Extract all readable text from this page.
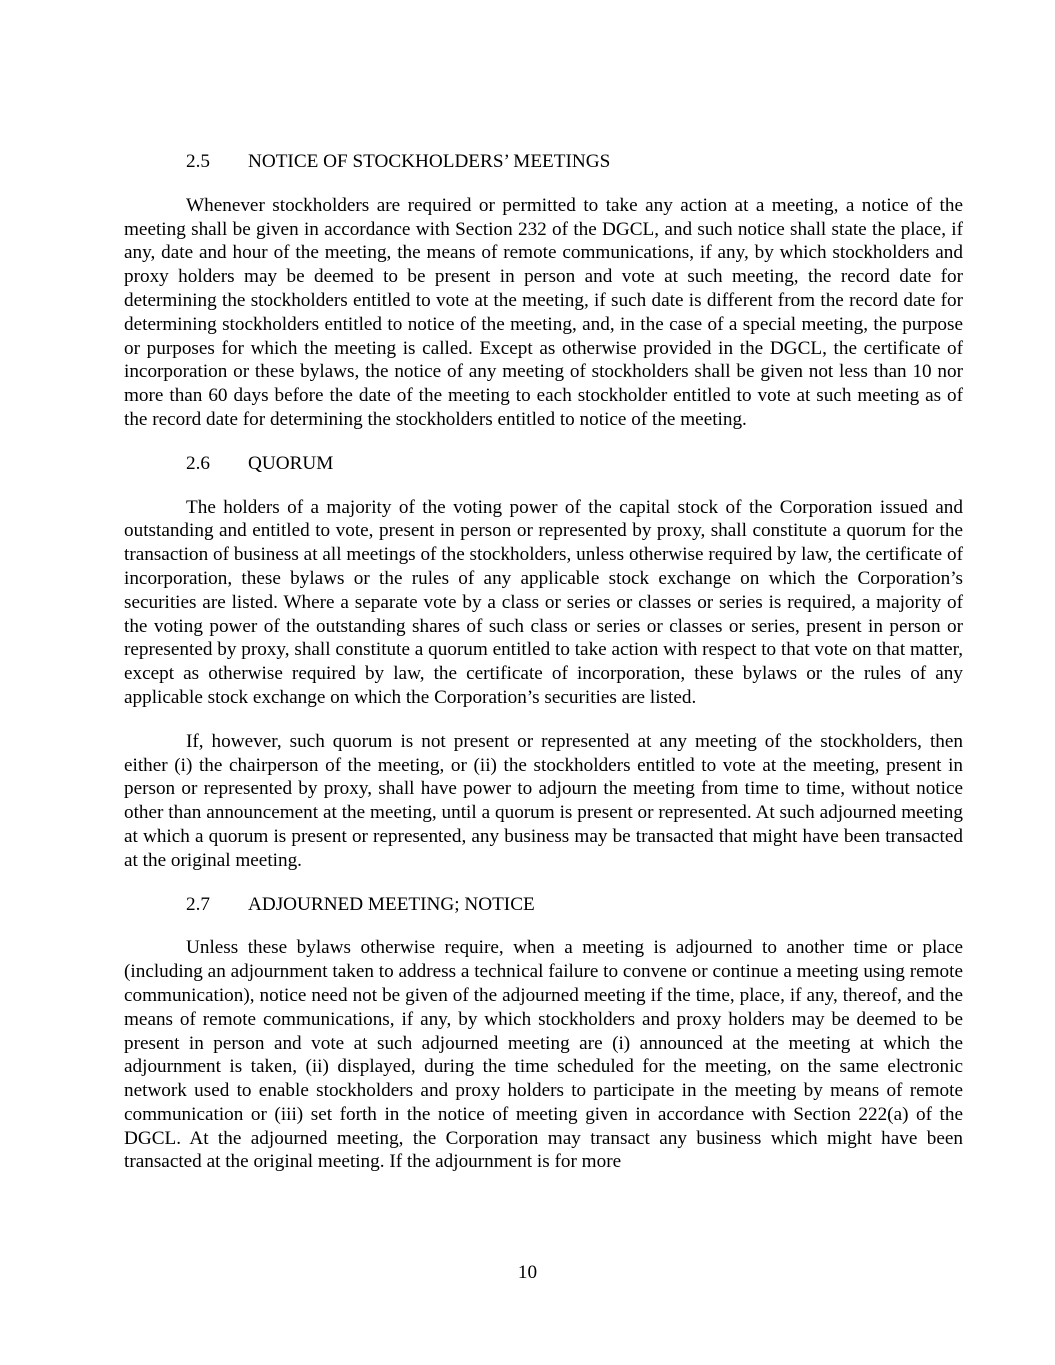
2.5 NOTICE OF STOCKHOLDERS’ MEETINGS

Whenever stockholders are required or permitted to take any action at a meeting, a notice of the meeting shall be given in accordance with Section 232 of the DGCL, and such notice shall state the place, if any, date and hour of the meeting, the means of remote communications, if any, by which stockholders and proxy holders may be deemed to be present in person and vote at such meeting, the record date for determining the stockholders entitled to vote at the meeting, if such date is different from the record date for determining stockholders entitled to notice of the meeting, and, in the case of a special meeting, the purpose or purposes for which the meeting is called. Except as otherwise provided in the DGCL, the certificate of incorporation or these bylaws, the notice of any meeting of stockholders shall be given not less than 10 nor more than 60 days before the date of the meeting to each stockholder entitled to vote at such meeting as of the record date for determining the stockholders entitled to notice of the meeting.

2.6 QUORUM

The holders of a majority of the voting power of the capital stock of the Corporation issued and outstanding and entitled to vote, present in person or represented by proxy, shall constitute a quorum for the transaction of business at all meetings of the stockholders, unless otherwise required by law, the certificate of incorporation, these bylaws or the rules of any applicable stock exchange on which the Corporation’s securities are listed. Where a separate vote by a class or series or classes or series is required, a majority of the voting power of the outstanding shares of such class or series or classes or series, present in person or represented by proxy, shall constitute a quorum entitled to take action with respect to that vote on that matter, except as otherwise required by law, the certificate of incorporation, these bylaws or the rules of any applicable stock exchange on which the Corporation’s securities are listed.

If, however, such quorum is not present or represented at any meeting of the stockholders, then either (i) the chairperson of the meeting, or (ii) the stockholders entitled to vote at the meeting, present in person or represented by proxy, shall have power to adjourn the meeting from time to time, without notice other than announcement at the meeting, until a quorum is present or represented. At such adjourned meeting at which a quorum is present or represented, any business may be transacted that might have been transacted at the original meeting.

2.7 ADJOURNED MEETING; NOTICE

Unless these bylaws otherwise require, when a meeting is adjourned to another time or place (including an adjournment taken to address a technical failure to convene or continue a meeting using remote communication), notice need not be given of the adjourned meeting if the time, place, if any, thereof, and the means of remote communications, if any, by which stockholders and proxy holders may be deemed to be present in person and vote at such adjourned meeting are (i) announced at the meeting at which the adjournment is taken, (ii) displayed, during the time scheduled for the meeting, on the same electronic network used to enable stockholders and proxy holders to participate in the meeting by means of remote communication or (iii) set forth in the notice of meeting given in accordance with Section 222(a) of the DGCL. At the adjourned meeting, the Corporation may transact any business which might have been transacted at the original meeting. If the adjournment is for more

10
